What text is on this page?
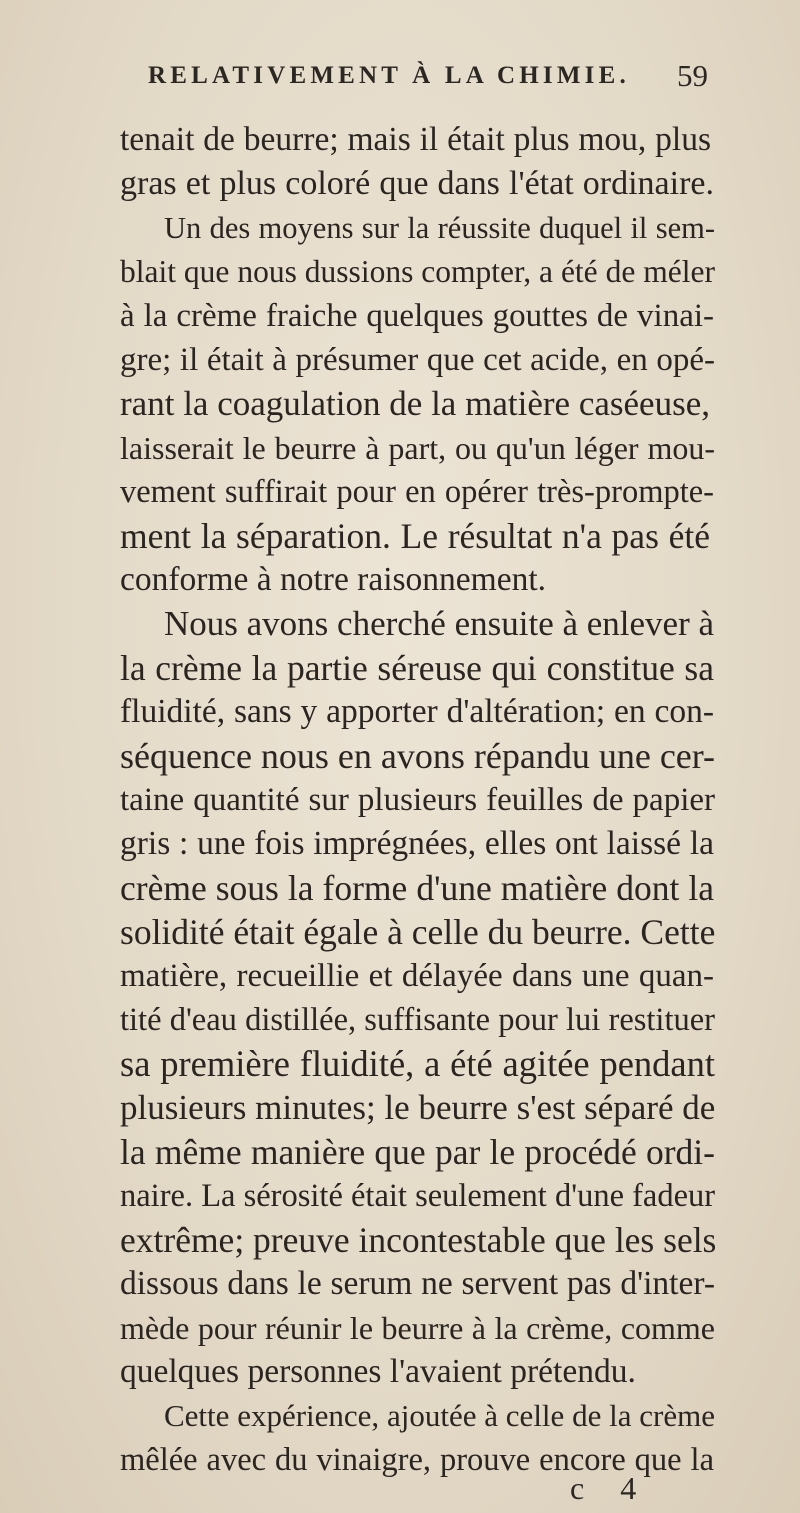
RELATIVEMENT À LA CHIMIE. 59
tenait de beurre; mais il était plus mou, plus
gras et plus coloré que dans l'état ordinaire.
Un des moyens sur la réussite duquel il sem-
blait que nous dussions compter, a été de méler
à la crème fraiche quelques gouttes de vinai-
gre; il était à présumer que cet acide, en opé-
rant la coagulation de la matière caséeuse,
laisserait le beurre à part, ou qu'un léger mou-
vement suffirait pour en opérer très-prompte-
ment la séparation. Le résultat n'a pas été
conforme à notre raisonnement.
Nous avons cherché ensuite à enlever à
la crème la partie séreuse qui constitue sa
fluidité, sans y apporter d'altération; en con-
séquence nous en avons répandu une cer-
taine quantité sur plusieurs feuilles de papier
gris : une fois imprégnées, elles ont laissé la
crème sous la forme d'une matière dont la
solidité était égale à celle du beurre. Cette
matière, recueillie et délayée dans une quan-
tité d'eau distillée, suffisante pour lui restituer
sa première fluidité, a été agitée pendant
plusieurs minutes; le beurre s'est séparé de
la même manière que par le procédé ordi-
naire. La sérosité était seulement d'une fadeur
extrême; preuve incontestable que les sels
dissous dans le serum ne servent pas d'inter-
mède pour réunir le beurre à la crème, comme
quelques personnes l'avaient prétendu.
Cette expérience, ajoutée à celle de la crème
mêlée avec du vinaigre, prouve encore que la
c 4
